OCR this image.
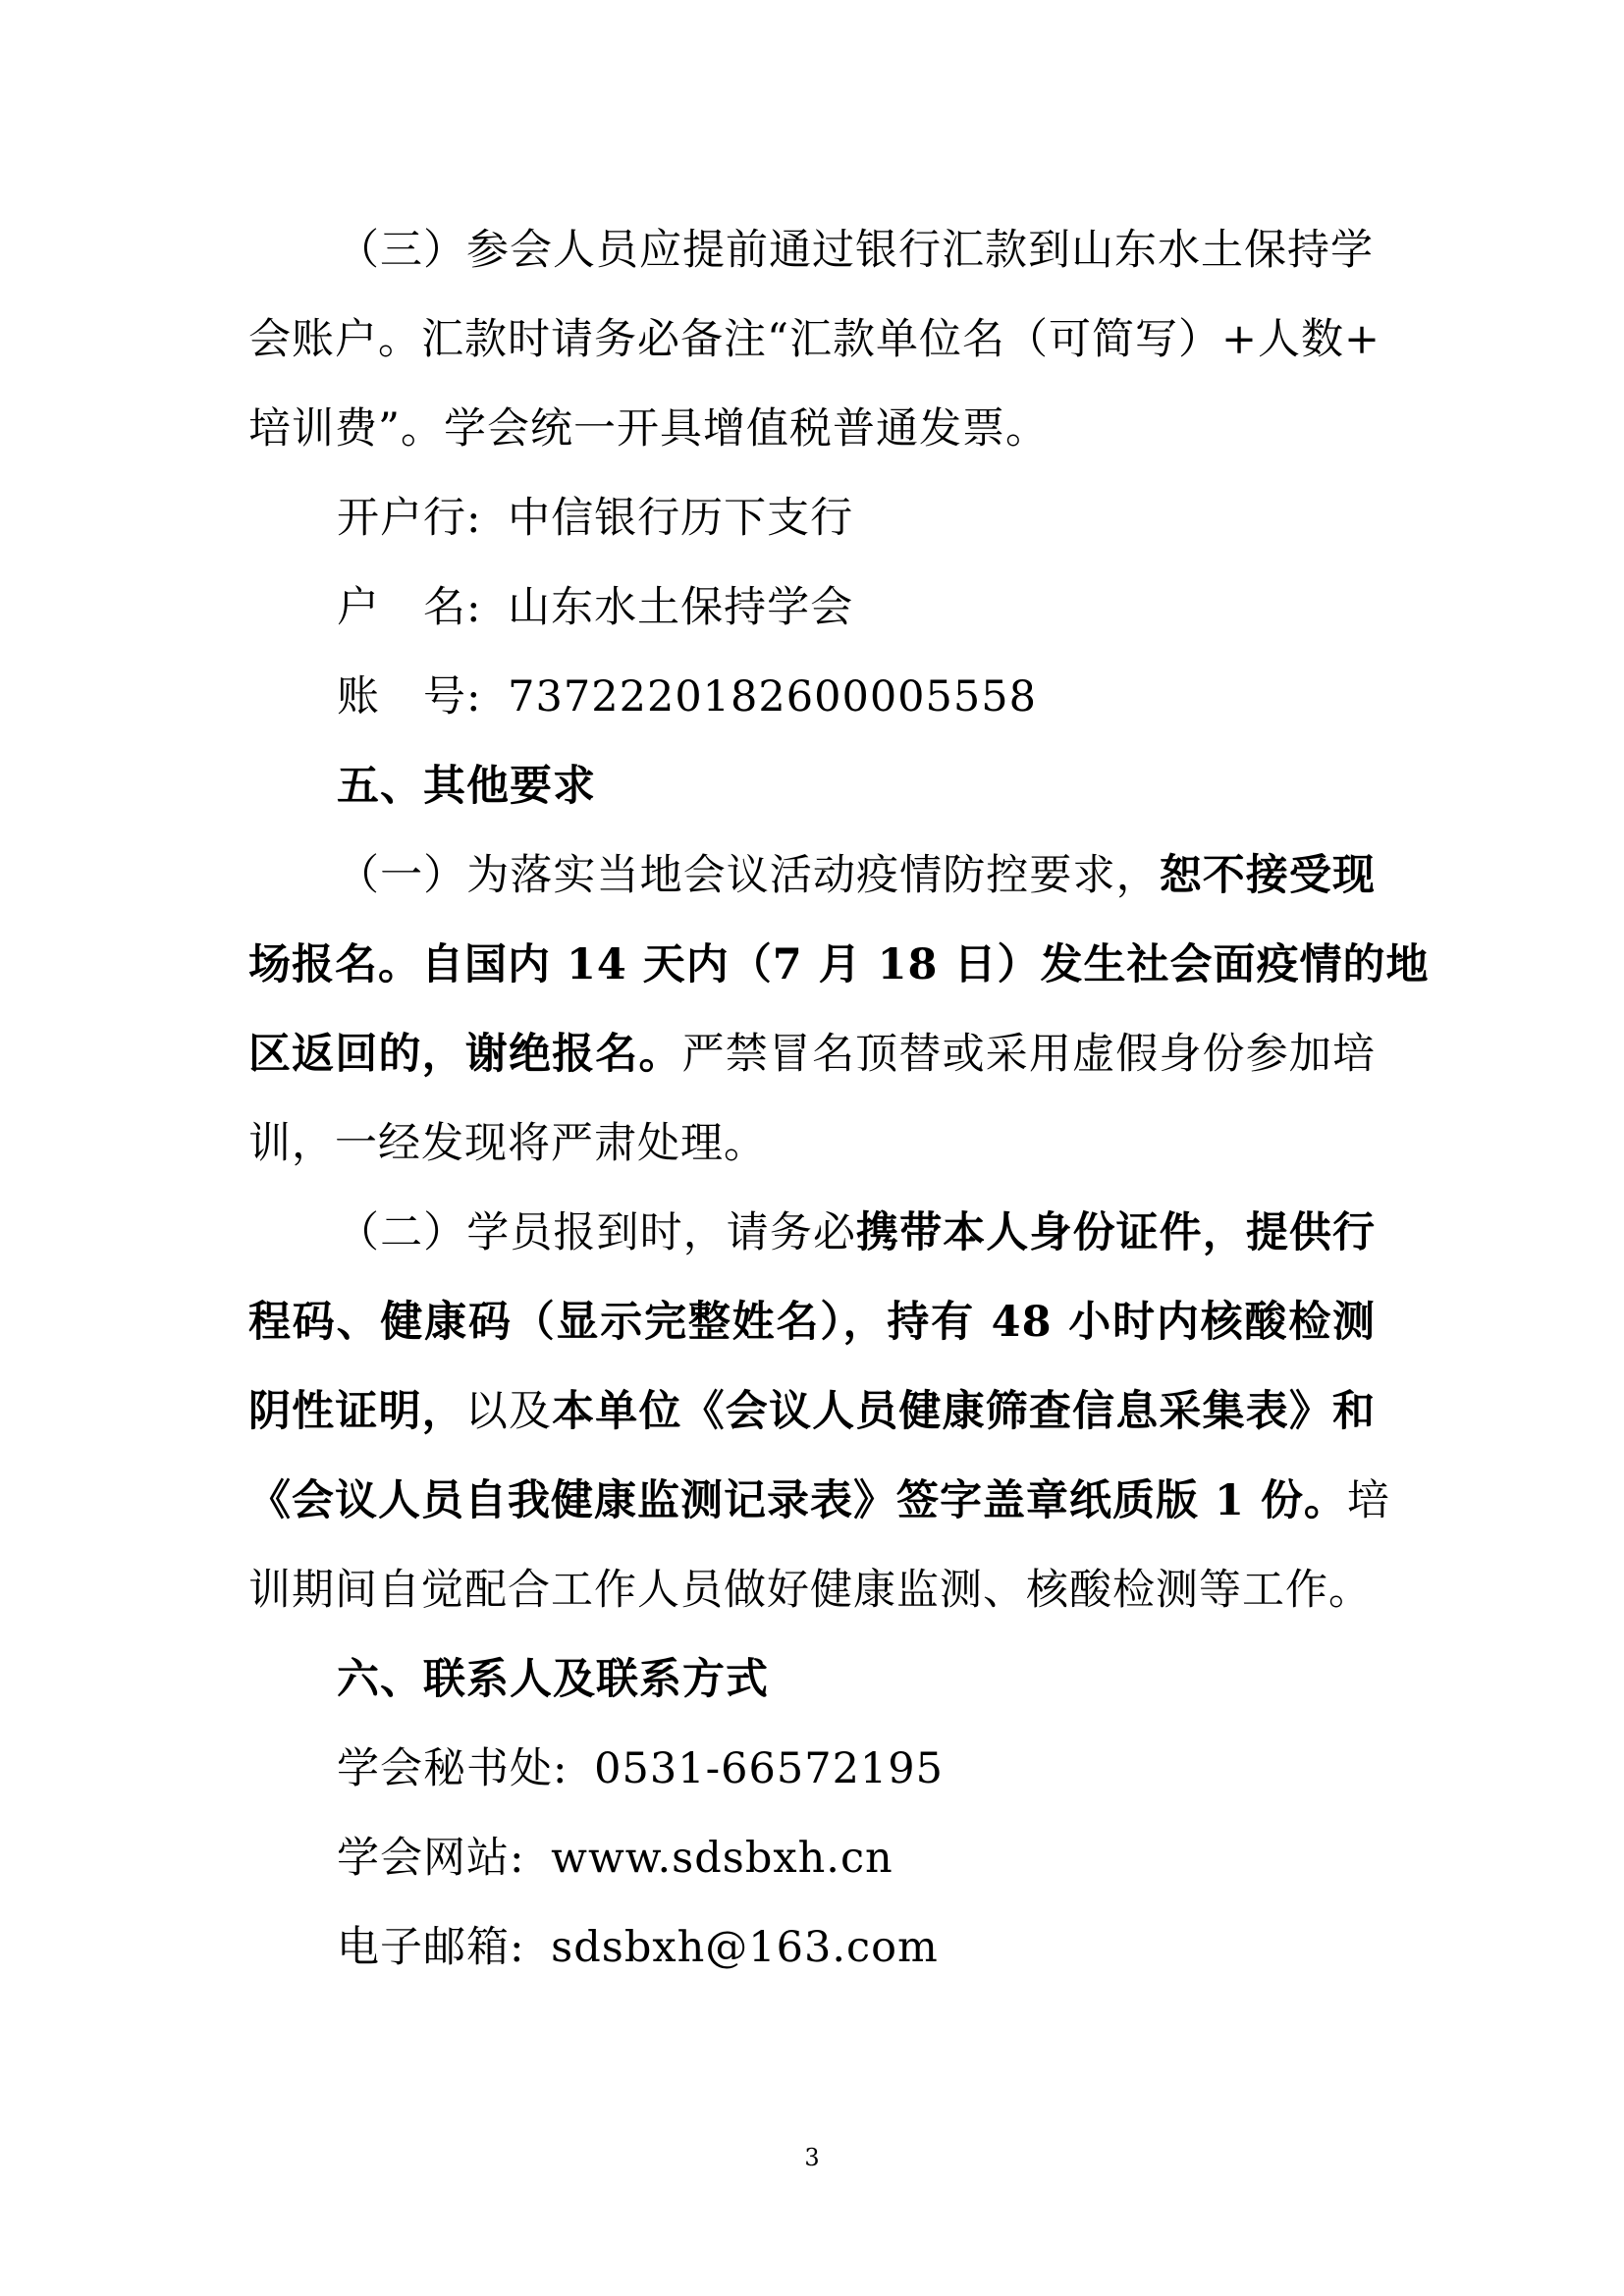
（三）参会人员应提前通过银行汇款到山东水土保持学
会账户。汇款时请务必备注“汇款单位名（可简写）+人数+
培训费”。学会统一开具增值税普通发票。
开户行: 中信银行历下支行
户　名: 山东水土保持学会
账　号: 7372220182600005558
五、其他要求
（一）为落实当地会议活动疫情防控要求，恕不接受现
场报名。自国内 14 天内（7 月 18 日）发生社会面疫情的地
区返回的，谢绝报名。严禁冒名顶替或采用虚假身份参加培
训，一经发现将严肃处理。
（二）学员报到时，请务必携带本人身份证件，提供行
程码、健康码（显示完整姓名），持有 48 小时内核酸检测
阴性证明，以及本单位《会议人员健康筛查信息采集表》和
《会议人员自我健康监测记录表》签字盖章纸质版 1 份。培
训期间自觉配合工作人员做好健康监测、核酸检测等工作。
六、联系人及联系方式
学会秘书处: 0531-66572195
学会网站: www.sdsbxh.cn
电子邮箱: sdsbxh@163.com
3
